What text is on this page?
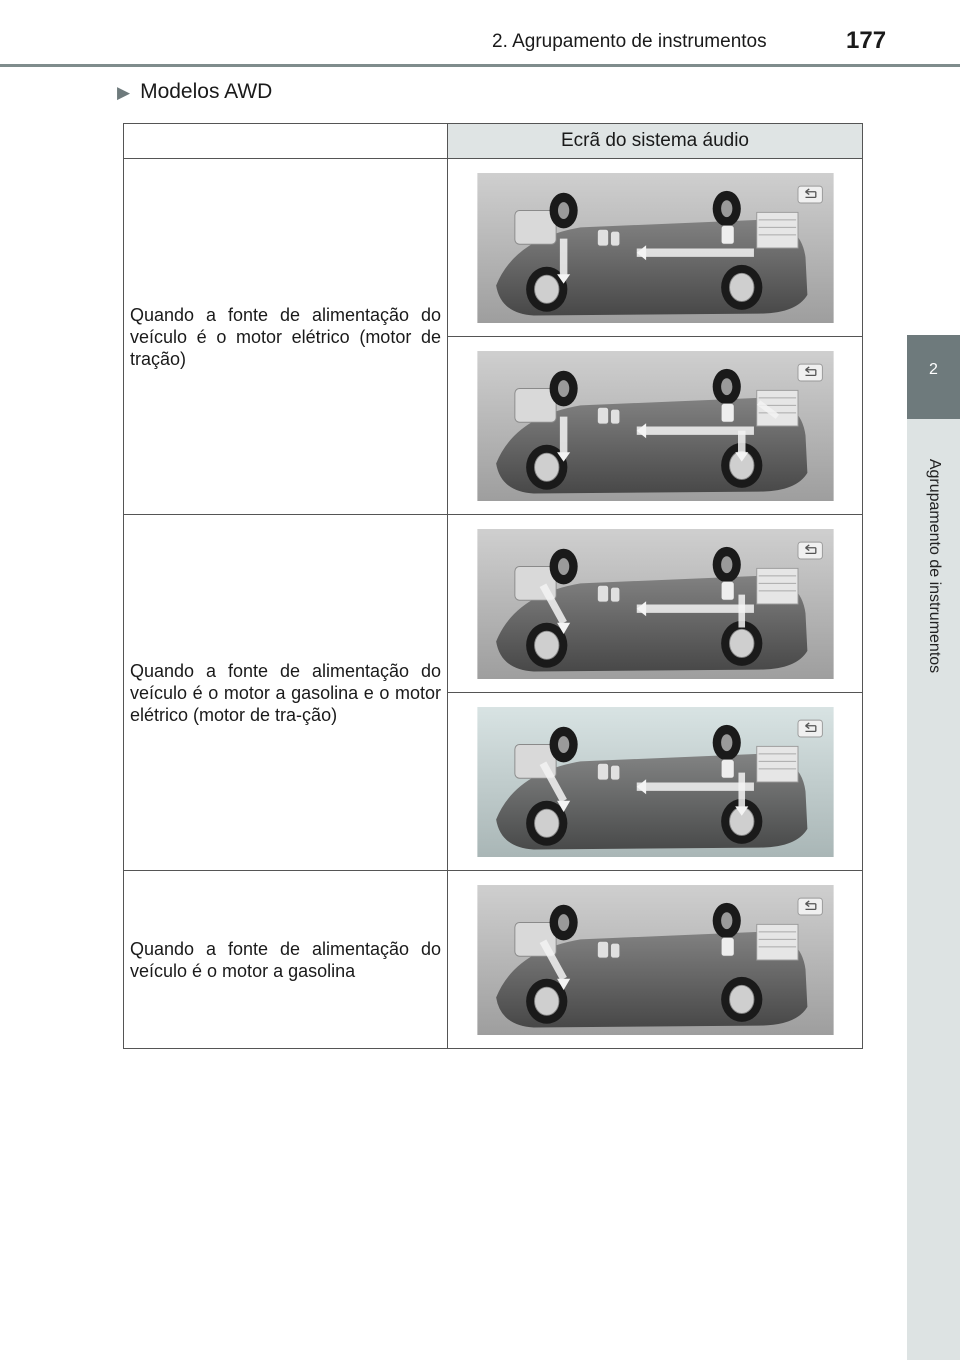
2. Agrupamento de instrumentos	177
2
Agrupamento de instrumentos
▶ Modelos AWD
	Ecrã do sistema áudio
Quando a fonte de alimentação do veículo é o motor elétrico (motor de tração)	

Quando a fonte de alimentação do veículo é o motor a gasolina e o motor elétrico (motor de tra-ção)	

Quando a fonte de alimentação do veículo é o motor a gasolina	
